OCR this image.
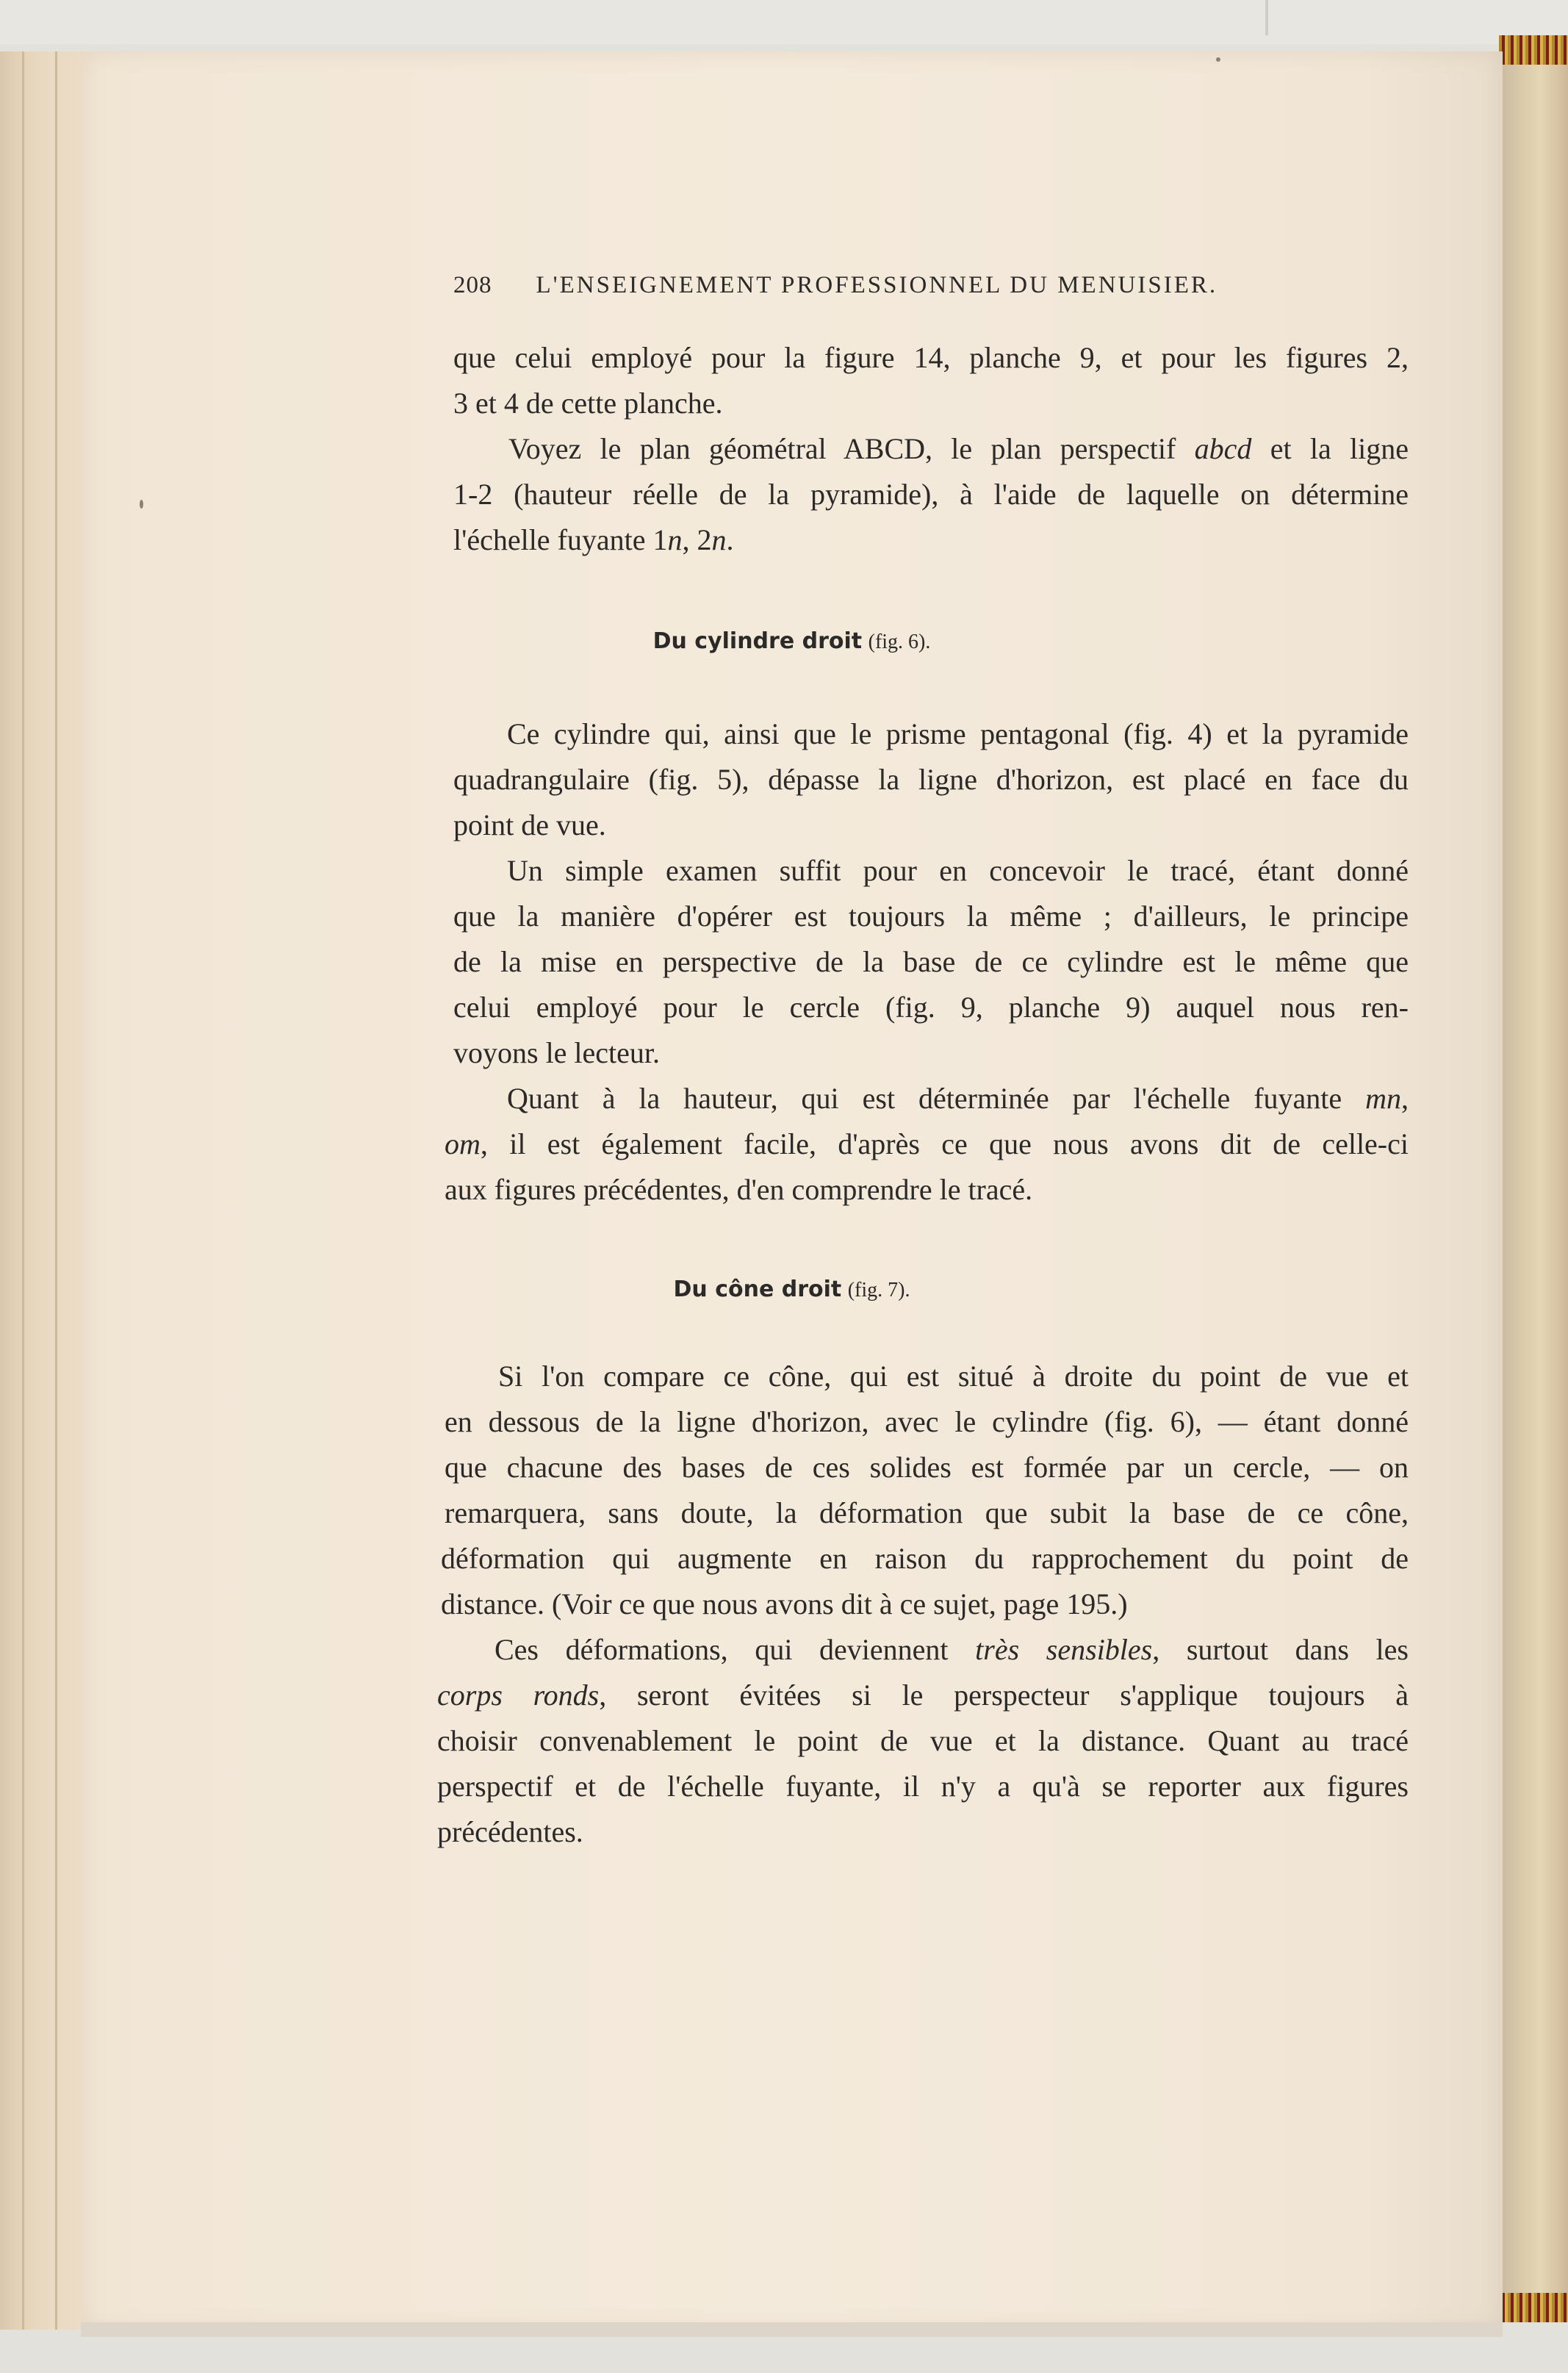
208 L'ENSEIGNEMENT PROFESSIONNEL DU MENUISIER.
que celui employé pour la figure 14, planche 9, et pour les figures 2,
3 et 4 de cette planche.
Voyez le plan géométral ABCD, le plan perspectif abcd et la ligne
1-2 (hauteur réelle de la pyramide), à l'aide de laquelle on détermine
l'échelle fuyante 1n, 2n.
Du cylindre droit (fig. 6).
Ce cylindre qui, ainsi que le prisme pentagonal (fig. 4) et la pyramide
quadrangulaire (fig. 5), dépasse la ligne d'horizon, est placé en face du
point de vue.
Un simple examen suffit pour en concevoir le tracé, étant donné
que la manière d'opérer est toujours la même ; d'ailleurs, le principe
de la mise en perspective de la base de ce cylindre est le même que
celui employé pour le cercle (fig. 9, planche 9) auquel nous ren-
voyons le lecteur.
Quant à la hauteur, qui est déterminée par l'échelle fuyante mn,
om, il est également facile, d'après ce que nous avons dit de celle-ci
aux figures précédentes, d'en comprendre le tracé.
Du cône droit (fig. 7).
Si l'on compare ce cône, qui est situé à droite du point de vue et
en dessous de la ligne d'horizon, avec le cylindre (fig. 6), — étant donné
que chacune des bases de ces solides est formée par un cercle, — on
remarquera, sans doute, la déformation que subit la base de ce cône,
déformation qui augmente en raison du rapprochement du point de
distance. (Voir ce que nous avons dit à ce sujet, page 195.)
Ces déformations, qui deviennent très sensibles, surtout dans les
corps ronds, seront évitées si le perspecteur s'applique toujours à
choisir convenablement le point de vue et la distance. Quant au tracé
perspectif et de l'échelle fuyante, il n'y a qu'à se reporter aux figures
précédentes.
